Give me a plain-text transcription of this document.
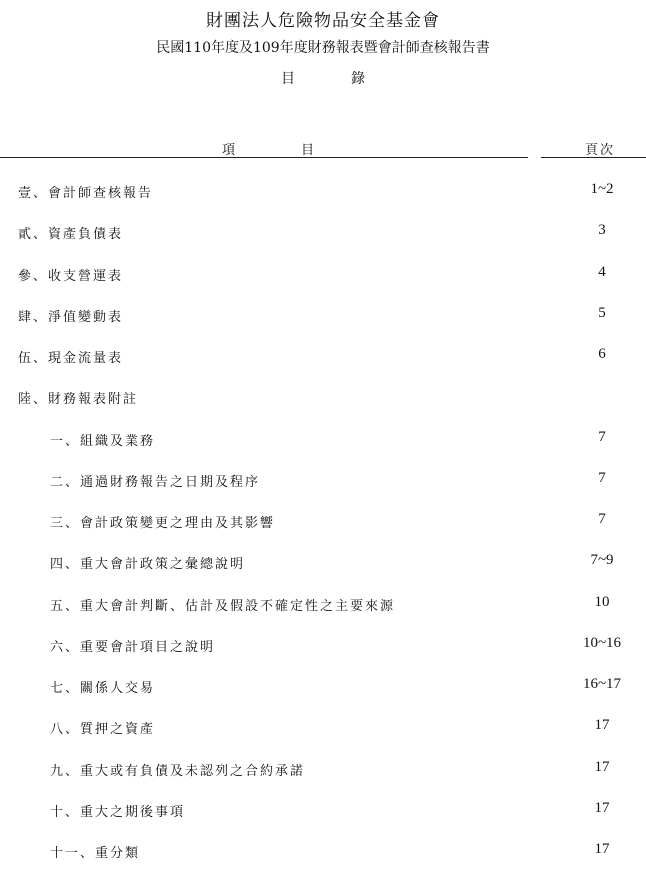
財團法人危險物品安全基金會
民國110年度及109年度財務報表暨會計師查核報告書
目錄
項目	頁次
壹、會計師查核報告	1~2
貳、資產負債表	3
參、收支營運表	4
肆、淨值變動表	5
伍、現金流量表	6
陸、財務報表附註
一、組織及業務	7
二、通過財務報告之日期及程序	7
三、會計政策變更之理由及其影響	7
四、重大會計政策之彙總說明	7~9
五、重大會計判斷、估計及假設不確定性之主要來源	10
六、重要會計項目之說明	10~16
七、關係人交易	16~17
八、質押之資產	17
九、重大或有負債及未認列之合約承諾	17
十、重大之期後事項	17
十一、重分類	17
